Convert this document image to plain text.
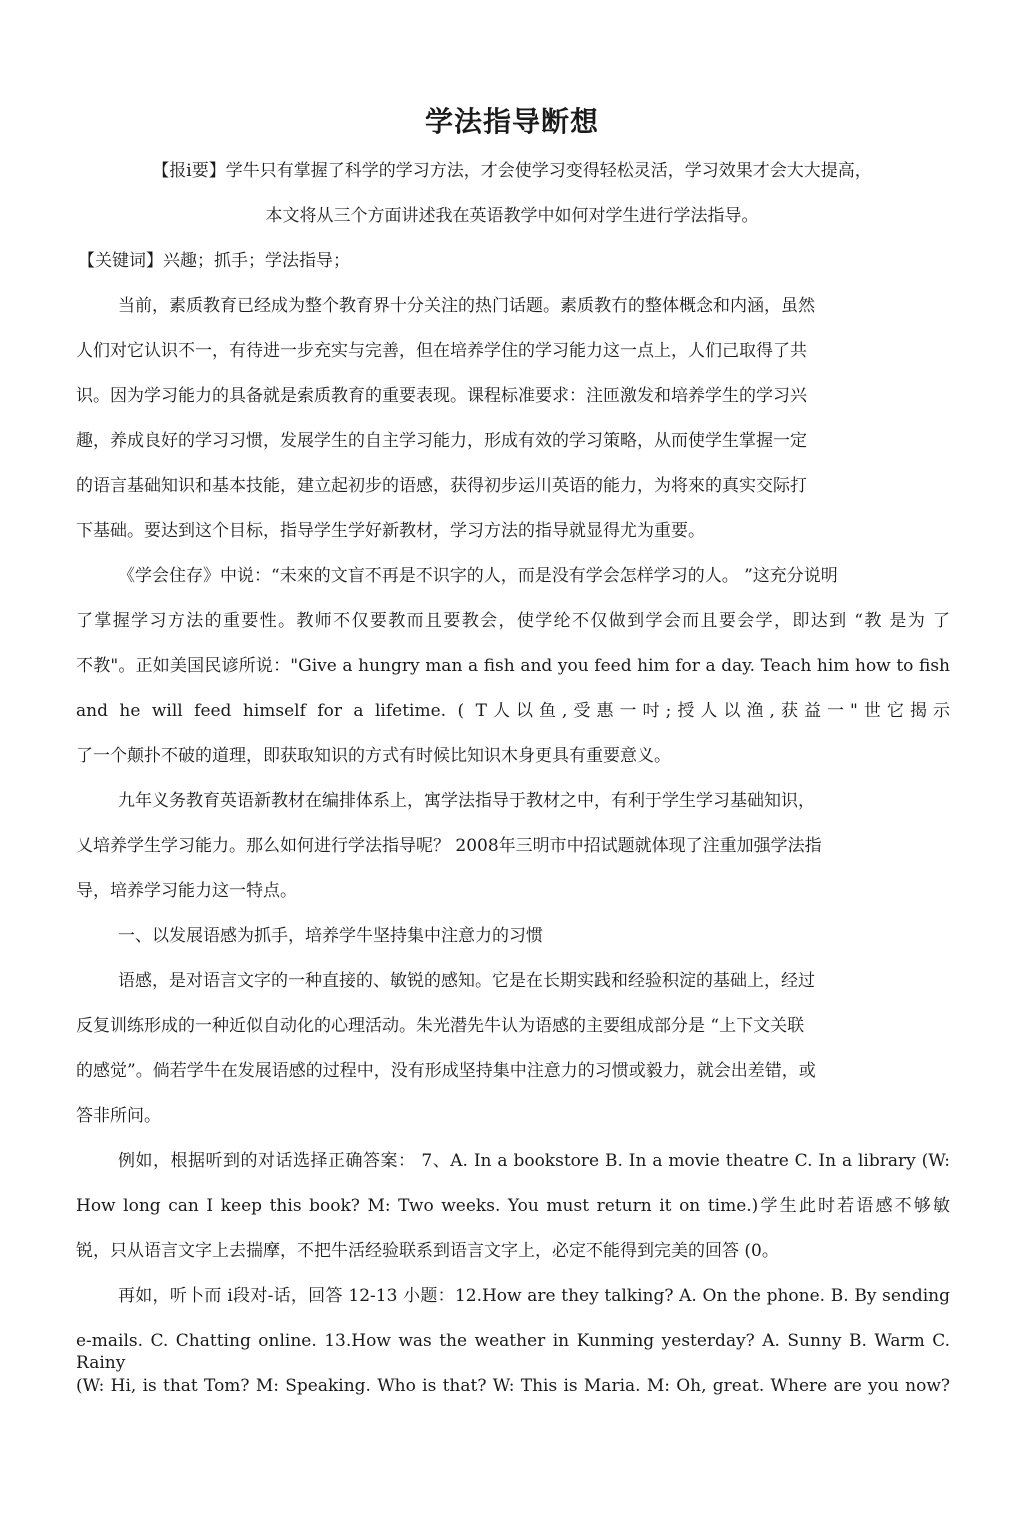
学法指导断想
【报i要】学牛只有掌握了科学的学习方法，才会使学习变得轻松灵活，学习效果才会大大提高，
本文将从三个方面讲述我在英语教学中如何对学生进行学法指导。
【关键词】兴趣；抓手；学法指导；
当前，素质教育已经成为整个教育界十分关注的热门话题。素质教冇的整体概念和内涵，虽然
人们对它认识不一，有待进一步充实与完善，但在培养学住的学习能力这一点上，人们己取得了共
识。因为学习能力的具备就是索质教育的重要表现。课程标准要求：注匝激发和培养学生的学习兴
趣，养成良好的学习习惯，发展学生的自主学习能力，形成有效的学习策略，从而使学生掌握一定
的语言基础知识和基本技能，建立起初步的语感，获得初步运川英语的能力，为将來的真实交际打
下基础。要达到这个目标，指导学生学好新教材，学习方法的指导就显得尤为重要。
《学会住存》中说：“未來的文盲不再是不识字的人，而是没有学会怎样学习的人。 ”这充分说明
了掌握学习方法的重要性。教师不仅要教而且要教会，使学纶不仅做到学会而且要会学，即达到 “教 是为 了
不教"。正如美国民谚所说："Give a hungry man a fish and you feed him for a day. Teach him how to fish
and he will feed himself for a lifetime. ( T人以鱼,受惠一吋;授人以渔,获益一"世它揭示
了一个颠扑不破的道理，即获取知识的方式有时候比知识木身更具有重要意义。
九年义务教育英语新教材在编排体系上，寓学法指导于教材之中，有利于学生学习基础知识，
乂培养学生学习能力。那么如何进行学法指导呢？ 2008年三明市中招试题就体现了注重加强学法指
导，培养学习能力这一特点。
一、以发展语感为抓手，培养学牛坚持集中注意力的习惯
语感，是对语言文字的一种直接的、敏锐的感知。它是在长期实践和经验积淀的基础上，经过
反复训练形成的一种近似自动化的心理活动。朱光潜先牛认为语感的主要组成部分是 “上下文关联
的感觉”。倘若学牛在发展语感的过程中，没有形成坚持集中注意力的习惯或毅力，就会出差错，或
答非所问。
例如，根据听到的对话选择正确答案： 7、A. In a bookstore B. In a movie theatre C. In a library (W:
How long can I keep this book? M: Two weeks. You must return it on time.)学生此时若语感不够敏
锐，只从语言文字上去揣摩，不把牛活经验联系到语言文字上，必定不能得到完美的回答 (0。
再如，听卜而 i段对-话，回答 12-13 小题：12.How are they talking? A. On the phone. B. By sending
e-mails. C. Chatting online. 13.How was the weather in Kunming yesterday? A. Sunny B. Warm C. Rainy
(W: Hi, is that Tom? M: Speaking. Who is that? W: This is Maria. M: Oh, great. Where are you now?
